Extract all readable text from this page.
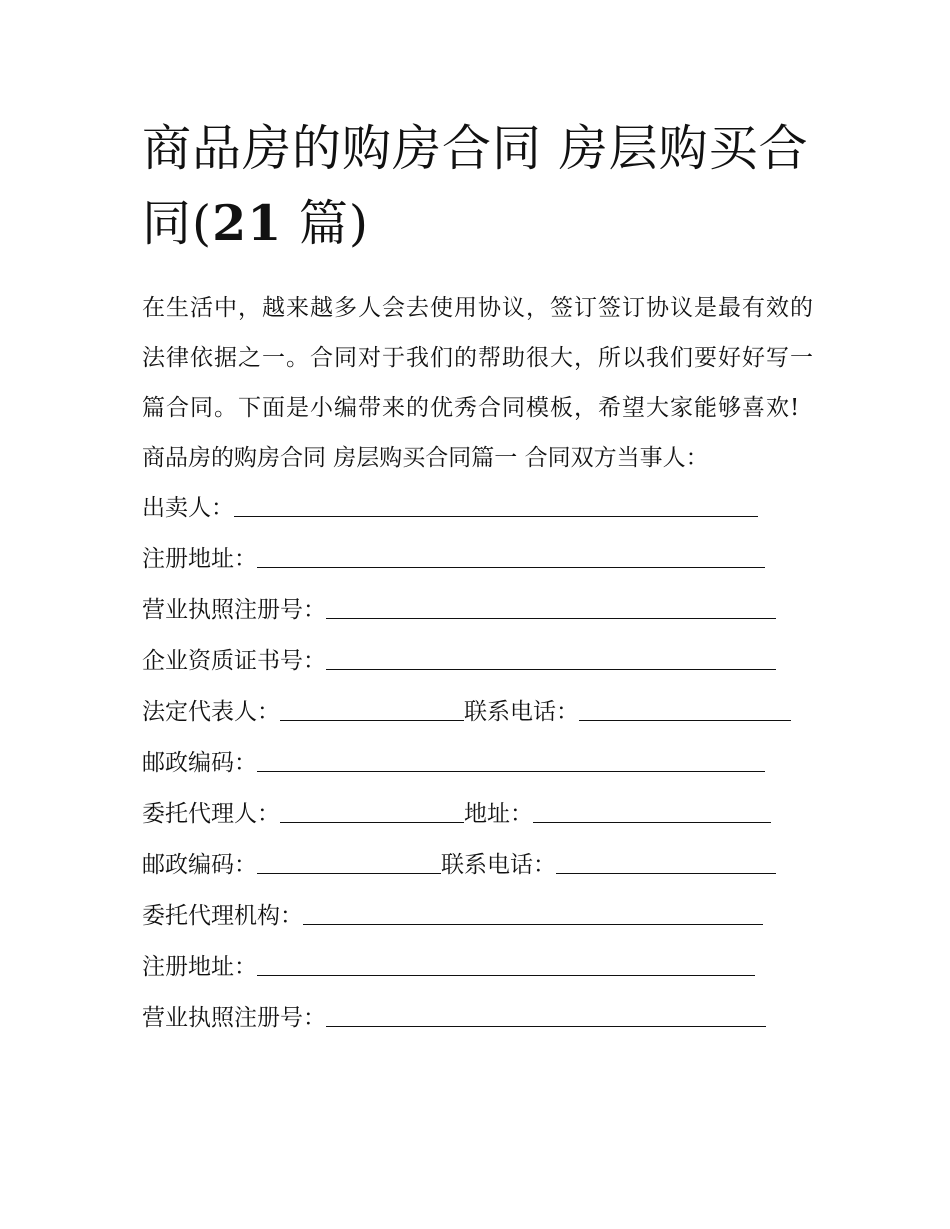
商品房的购房合同 房层购买合同(21 篇)

在生活中，越来越多人会去使用协议，签订签订协议是最有效的法律依据之一。合同对于我们的帮助很大，所以我们要好好写一篇合同。下面是小编带来的优秀合同模板，希望大家能够喜欢!

商品房的购房合同 房层购买合同篇一 合同双方当事人：

出卖人：
注册地址：
营业执照注册号：
企业资质证书号：
法定代表人：	联系电话：
邮政编码：
委托代理人：	地址：
邮政编码：	联系电话：
委托代理机构：
注册地址：
营业执照注册号：
